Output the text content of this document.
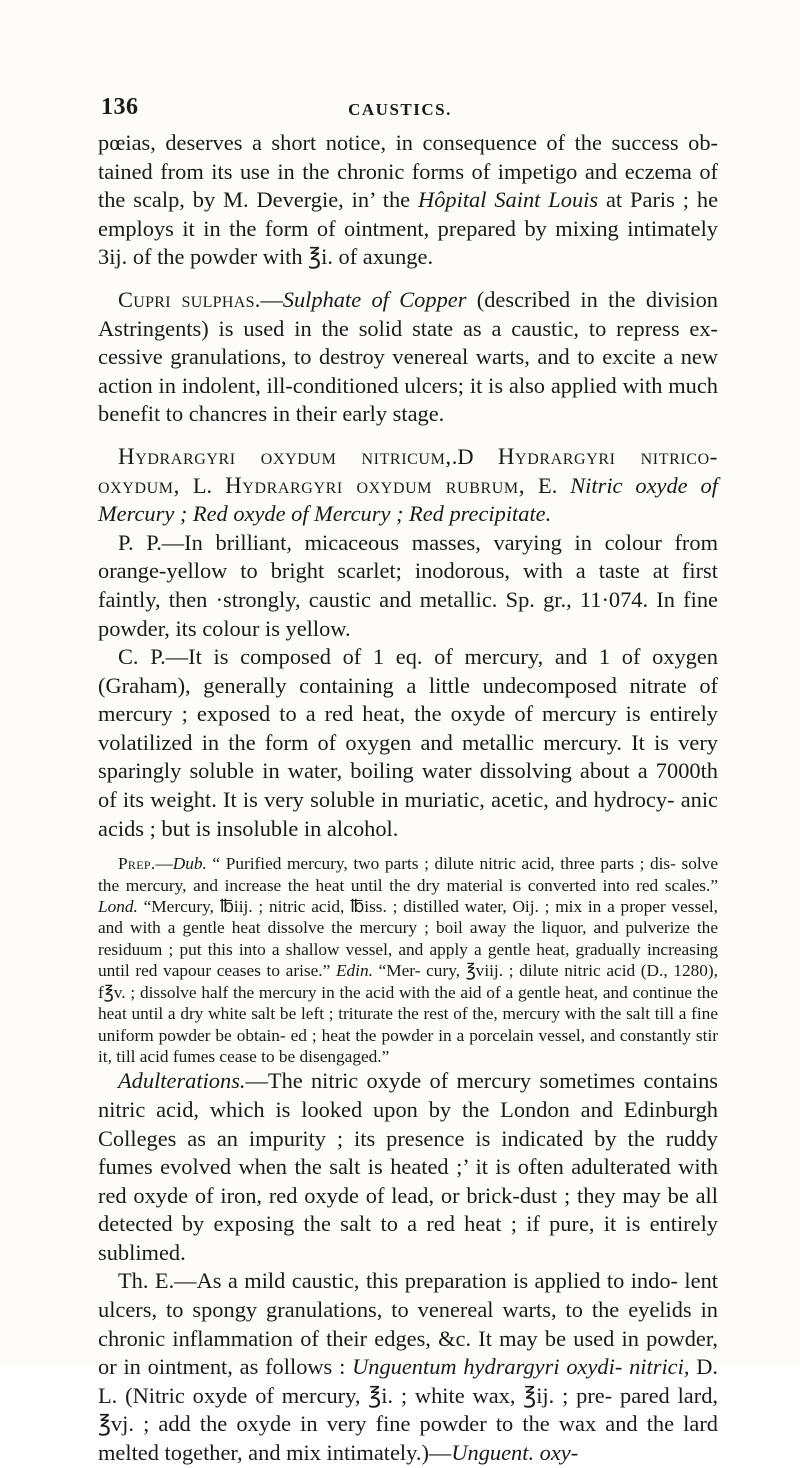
136	CAUSTICS.

pœias, deserves a short notice, in consequence of the success ob- tained from its use in the chronic forms of impetigo and eczema of the scalp, by M. Devergie, in’ the Hôpital Saint Louis at Paris ; he employs it in the form of ointment, prepared by mixing intimately 3ij. of the powder with ℥i. of axunge.

Cupri sulphas.—Sulphate of Copper (described in the division Astringents) is used in the solid state as a caustic, to repress ex- cessive granulations, to destroy venereal warts, and to excite a new action in indolent, ill-conditioned ulcers; it is also applied with much benefit to chancres in their early stage.

Hydrargyri oxydum nitricum,.D Hydrargyri nitrico-oxydum, L. Hydrargyri oxydum rubrum, E. Nitric oxyde of Mercury ; Red oxyde of Mercury ; Red precipitate.

P. P.—In brilliant, micaceous masses, varying in colour from orange-yellow to bright scarlet; inodorous, with a taste at first faintly, then ·strongly, caustic and metallic. Sp. gr., 11·074. In fine powder, its colour is yellow.

C. P.—It is composed of 1 eq. of mercury, and 1 of oxygen (Graham), generally containing a little undecomposed nitrate of mercury ; exposed to a red heat, the oxyde of mercury is entirely volatilized in the form of oxygen and metallic mercury. It is very sparingly soluble in water, boiling water dissolving about a 7000th of its weight. It is very soluble in muriatic, acetic, and hydrocy- anic acids ; but is insoluble in alcohol.

Prep.—Dub. “ Purified mercury, two parts ; dilute nitric acid, three parts ; dis- solve the mercury, and increase the heat until the dry material is converted into red scales.” Lond. “Mercury, ℔iij. ; nitric acid, ℔iss. ; distilled water, Oij. ; mix in a proper vessel, and with a gentle heat dissolve the mercury ; boil away the liquor, and pulverize the residuum ; put this into a shallow vessel, and apply a gentle heat, gradually increasing until red vapour ceases to arise.” Edin. “Mer- cury, ℥viij. ; dilute nitric acid (D., 1280), f℥v. ; dissolve half the mercury in the acid with the aid of a gentle heat, and continue the heat until a dry white salt be left ; triturate the rest of the, mercury with the salt till a fine uniform powder be obtain- ed ; heat the powder in a porcelain vessel, and constantly stir it, till acid fumes cease to be disengaged.”

Adulterations.—The nitric oxyde of mercury sometimes contains nitric acid, which is looked upon by the London and Edinburgh Colleges as an impurity ; its presence is indicated by the ruddy fumes evolved when the salt is heated ;’ it is often adulterated with red oxyde of iron, red oxyde of lead, or brick-dust ; they may be all detected by exposing the salt to a red heat ; if pure, it is entirely sublimed.

Th. E.—As a mild caustic, this preparation is applied to indo- lent ulcers, to spongy granulations, to venereal warts, to the eyelids in chronic inflammation of their edges, &c. It may be used in powder, or in ointment, as follows : Unguentum hydrargyri oxydi- nitrici, D. L. (Nitric oxyde of mercury, ℥i. ; white wax, ℥ij. ; pre- pared lard, ℥vj. ; add the oxyde in very fine powder to the wax and the lard melted together, and mix intimately.)—Unguent. oxy-
